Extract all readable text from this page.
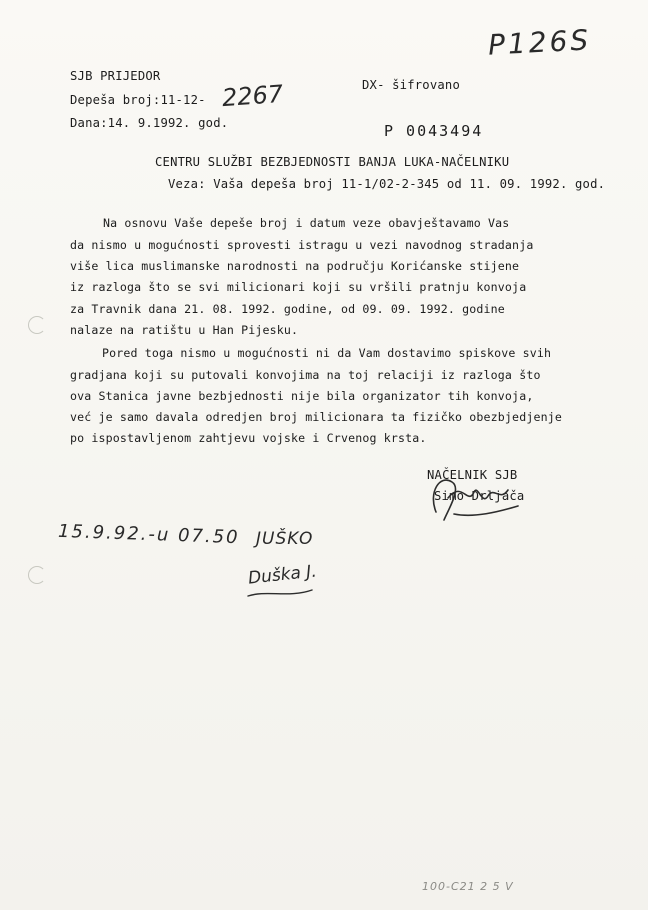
P126S
SJB PRIJEDOR
Depeša broj:11-12- 2267
Dana:14. 9.1992. god.
DX- šifrovano
P 0043494
CENTRU SLUŽBI BEZBJEDNOSTI BANJA LUKA-NAČELNIKU
Veza: Vaša depeša broj 11-1/02-2-345 od 11. 09. 1992. god.
Na osnovu Vaše depeše broj i datum veze obavještavamo Vas
da nismo u mogućnosti sprovesti istragu u vezi navodnog stradanja
više lica muslimanske narodnosti na području Korićanske stijene
iz razloga što se svi milicionari koji su vršili pratnju konvoja
za Travnik dana 21. 08. 1992. godine, od 09. 09. 1992. godine
nalaze na ratištu u Han Pijesku.
Pored toga nismo u mogućnosti ni da Vam dostavimo spiskove svih
gradjana koji su putovali konvojima na toj relaciji iz razloga što
ova Stanica javne bezbjednosti nije bila organizator tih konvoja,
već je samo davala odredjen broj milicionara ta fizičko obezbjedjenje
po ispostavljenom zahtjevu vojske i Crvenog krsta.
NAČELNIK SJB
Simo Drljača
15.9.92.-u 07.50 JUŠKO
Duška J.
100-C21 2 5 V
